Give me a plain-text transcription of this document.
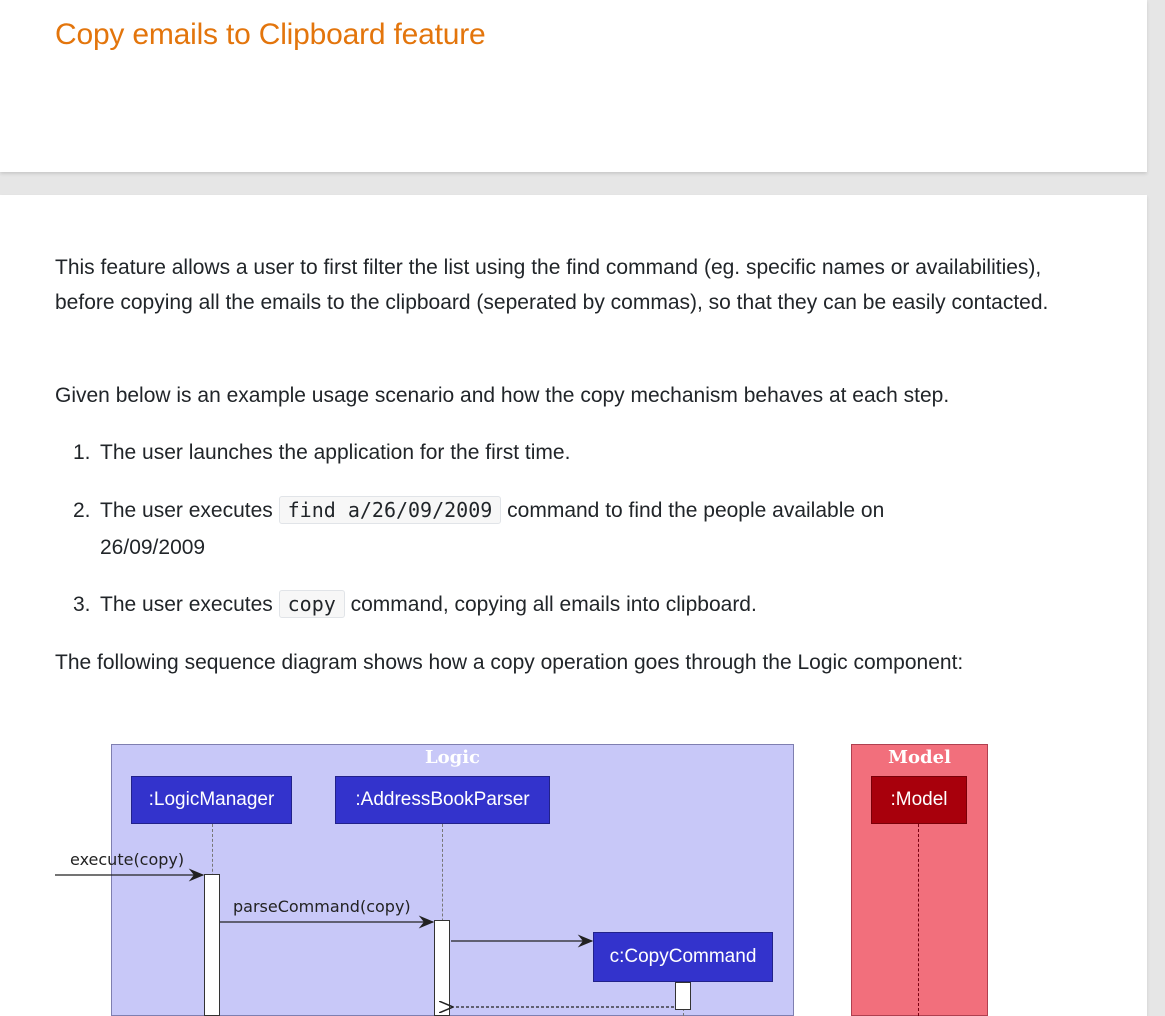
Copy emails to Clipboard feature

This feature allows a user to first filter the list using the find command (eg. specific names or availabilities), before copying all the emails to the clipboard (seperated by commas), so that they can be easily contacted.

Given below is an example usage scenario and how the copy mechanism behaves at each step.

1. The user launches the application for the first time.

2. The user executes find a/26/09/2009 command to find the people available on

26/09/2009

3. The user executes copy command, copying all emails into clipboard.

The following sequence diagram shows how a copy operation goes through the Logic component:

Logic	Model
:LogicManager	:AddressBookParser	:Model
c:CopyCommand
execute(copy)
parseCommand(copy)
